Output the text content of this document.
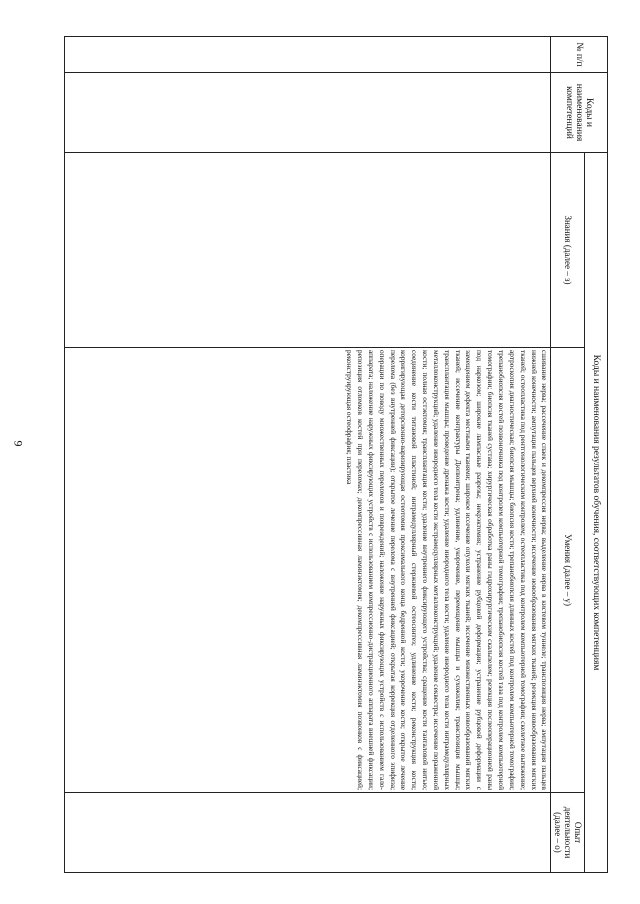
9
№ п/п	Коды и наименования компетенций	Коды и наименования результатов обучения, соответствующих компетенциям		
		Знания (далее – з)	Умения (далее – у)	Опыт деятельности (далее – о)

			сшивание нерва; рассечение спаек и декомпрессия нерва; выделение нерва в кистевом туннеле; транспозиция нерва; ампутация пальцев нижней конечности; ампутация пальцев верхней конечности; иссечение новообразования мягких тканей; резекция новообразования мягких тканей; остеопластика под рентгенологическим контролем; остеопластика под контролем компьютерной томографии; скелетное вытяжение; артроскопия диагностическая; биопсия мышцы; биопсия кости; трепанобиопсия длинных костей под контролем компьютерной томографии; трепанобиопсия костей позвоночника под контролем компьютерной томографии; трепанобиопсия костей таза под контролем компьютерной томографии; биопсия тканей сустава; хирургическая обработка раны гидрохирургическим скальпелем; резекция послеоперационной раны под наркозом; широкие лампасные разрезы; некрэктомия; устранение рубцовой деформации; устранение рубцовой деформации с замещением дефекта местными тканями; широкое иссечение опухоли мягких тканей; иссечение множественных новообразований мягких тканей; иссечение контрактуры Дюпюитрена; удлинение, укорочение, перемещение мышцы и сухожилия; транспозиция мышцы; трансплантация мышцы; проведение дренажа кости; удаление инородного тела кости; удаление инородного тела кости интрамедуллярных металлоконструкций; удаление инородного тела кости экстрамедуллярных металлоконструкций; удаление секвестра; иссечение пораженной кости; полная остэктомия; трансплантация кости; удаление внутреннего фиксирующего устройства; сращение кости танталовой нитью; соединение кости титановой пластиной; интрамедуллярный стержневой остеосинтез; удлинение кости; реконструкция кости; корригирующая деторсионно-варизирующая остеотомия проксимального конца бедренной кости; укорочение кости; открытое лечение перелома (без внутренней фиксации); открытое лечение перелома с внутренней фиксацией; открытая коррекция отделенного эпифиза; операции по поводу множественных переломов и повреждений; наложение наружных фиксирующих устройств с использованием гало-аппарата; наложение наружных фиксирующих устройств с использованием компрессионно-дистракционного аппарата внешней фиксации; репозиция отломков костей при переломах; декомпрессивная ламинэктомия; декомпрессивная ламинэктомия позвонков с фиксацией; реконструирующая остеофрафия; пластика	
